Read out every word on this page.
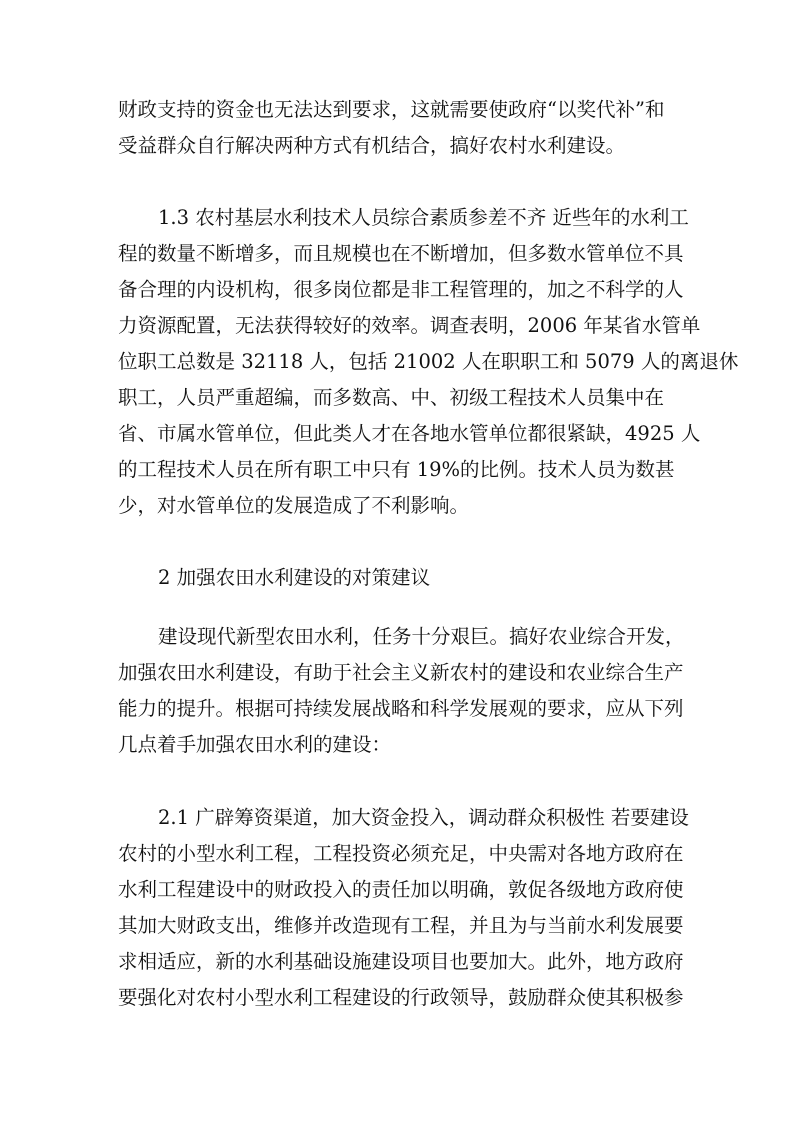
财政支持的资金也无法达到要求，这就需要使政府“以奖代补”和
受益群众自行解决两种方式有机结合，搞好农村水利建设。
1.3 农村基层水利技术人员综合素质参差不齐 近些年的水利工
程的数量不断增多，而且规模也在不断增加，但多数水管单位不具
备合理的内设机构，很多岗位都是非工程管理的，加之不科学的人
力资源配置，无法获得较好的效率。调查表明，2006 年某省水管单
位职工总数是 32118 人，包括 21002 人在职职工和 5079 人的离退休
职工，人员严重超编，而多数高、中、初级工程技术人员集中在
省、市属水管单位，但此类人才在各地水管单位都很紧缺，4925 人
的工程技术人员在所有职工中只有 19%的比例。技术人员为数甚
少，对水管单位的发展造成了不利影响。
2 加强农田水利建设的对策建议
建设现代新型农田水利，任务十分艰巨。搞好农业综合开发，
加强农田水利建设，有助于社会主义新农村的建设和农业综合生产
能力的提升。根据可持续发展战略和科学发展观的要求，应从下列
几点着手加强农田水利的建设：
2.1 广辟筹资渠道，加大资金投入，调动群众积极性 若要建设
农村的小型水利工程，工程投资必须充足，中央需对各地方政府在
水利工程建设中的财政投入的责任加以明确，敦促各级地方政府使
其加大财政支出，维修并改造现有工程，并且为与当前水利发展要
求相适应，新的水利基础设施建设项目也要加大。此外，地方政府
要强化对农村小型水利工程建设的行政领导，鼓励群众使其积极参
